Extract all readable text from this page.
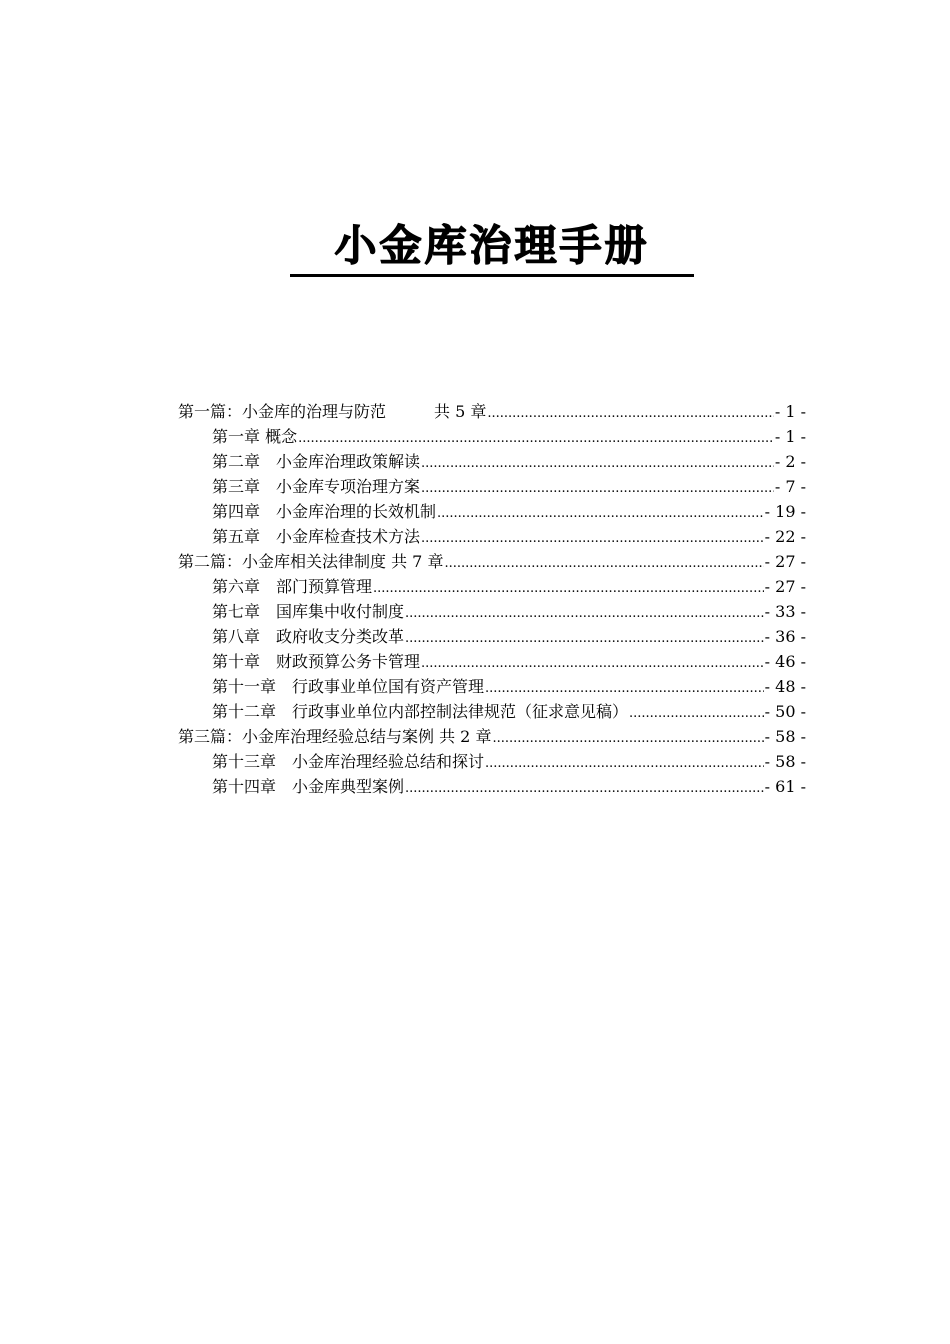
小金库治理手册
第一篇：小金库的治理与防范　　　共 5 章 .....	- 1 -
第一章 概念 .....	- 1 -
第二章　小金库治理政策解读 .....	- 2 -
第三章　小金库专项治理方案 .....	- 7 -
第四章　小金库治理的长效机制 .....	- 19 -
第五章　小金库检查技术方法 .....	- 22 -
第二篇：小金库相关法律制度 共 7 章 .....	- 27 -
第六章　部门预算管理 .....	- 27 -
第七章　国库集中收付制度 .....	- 33 -
第八章　政府收支分类改革 .....	- 36 -
第十章　财政预算公务卡管理 .....	- 46 -
第十一章　行政事业单位国有资产管理 .....	- 48 -
第十二章　行政事业单位内部控制法律规范（征求意见稿） .....	- 50 -
第三篇：小金库治理经验总结与案例 共 2 章 .....	- 58 -
第十三章　小金库治理经验总结和探讨 .....	- 58 -
第十四章　小金库典型案例 .....	- 61 -
